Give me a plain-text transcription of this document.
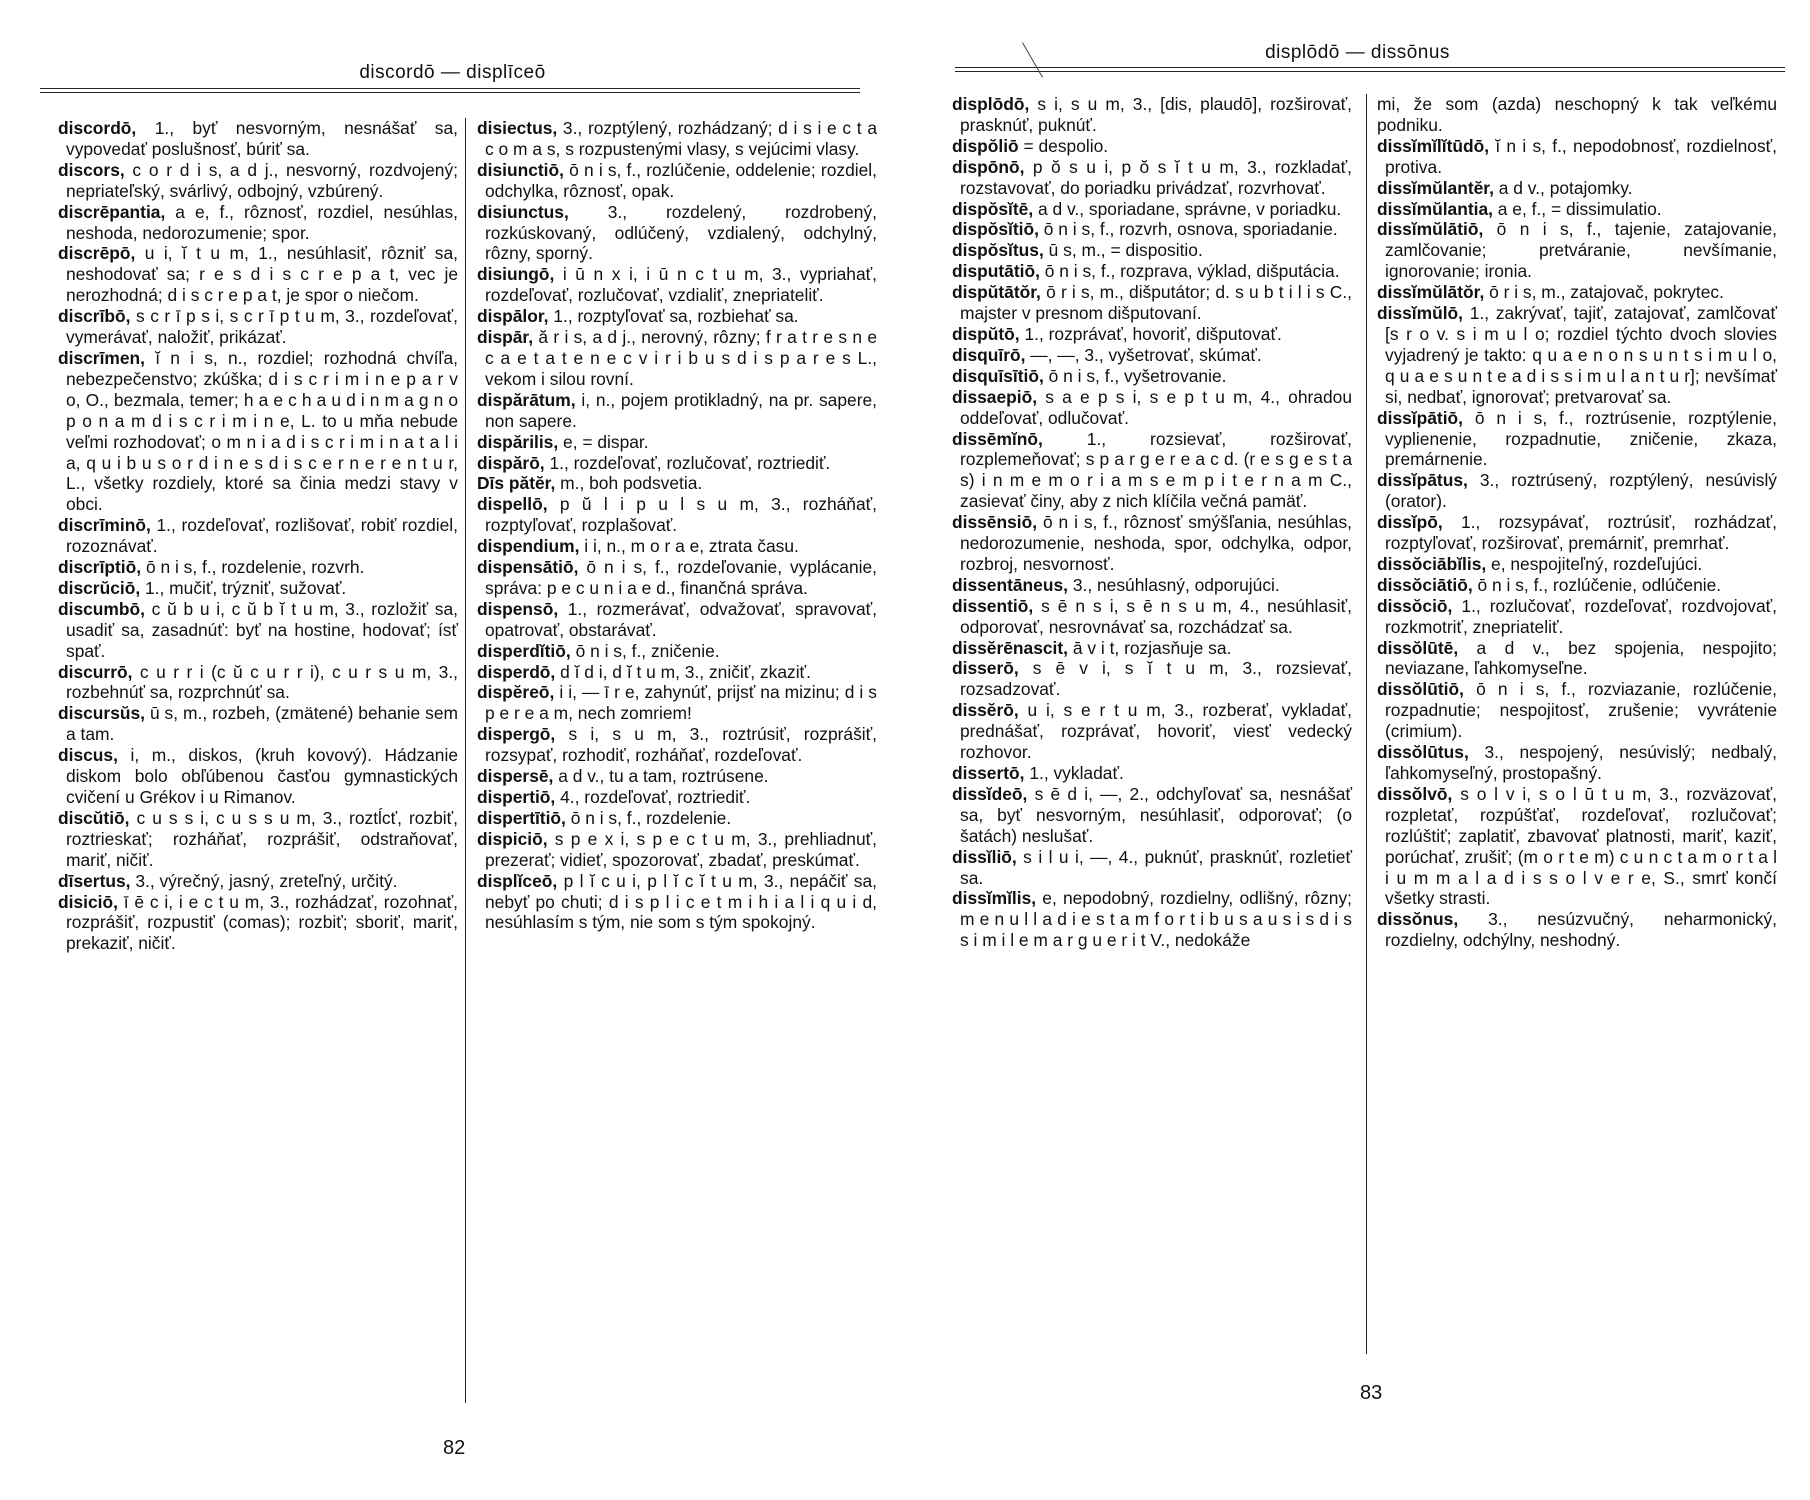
discordō — displīceō
discordō, 1., byť nesvorným, nesnášať sa, vypovedať poslušnosť, búriť sa.
discors, c o r d i s, a d j., nesvorný, rozdvojený; nepriateľský, svárlivý, odbojný, vzbúrený.
discrēpantia, a e, f., rôznosť, rozdiel, nesúhlas, neshoda, nedorozumenie; spor.
discrēpō, u i, ĭ t u m, 1., nesúhlasiť, rôzniť sa, neshodovať sa; r e s d i s c r e p a t, vec je nerozhodná; d i s c r e p a t, je spor o niečom.
discrībō, s c r ī p s i, s c r ī p t u m, 3., rozdeľovať, vymerávať, naložiť, prikázať.
discrīmen, ĭ n i s, n., rozdiel; rozhodná chvíľa, nebezpečenstvo; zkúška; d i s c r i m i n e p a r v o, O., bezmala, temer; h a e c h a u d i n m a g n o p o n a m d i s c r i m i n e, L. to u mňa nebude veľmi rozhodovať; o m n i a d i s c r i m i n a t a l i a, q u i b u s o r d i n e s d i s c e r n e r e n t u r, L., všetky rozdiely, ktoré sa činia medzi stavy v obci.
discrīminō, 1., rozdeľovať, rozlišovať, robiť rozdiel, rozoznávať.
discrīptiō, ō n i s, f., rozdelenie, rozvrh.
discrŭciō, 1., mučiť, trýzniť, sužovať.
discumbō, c ŭ b u i, c ŭ b ĭ t u m, 3., rozložiť sa, usadiť sa, zasadnúť: byť na hostine, hodovať; ísť spať.
discurrō, c u r r i (c ŭ c u r r i), c u r s u m, 3., rozbehnúť sa, rozprchnúť sa.
discursŭs, ū s, m., rozbeh, (zmätené) behanie sem a tam.
discus, i, m., diskos, (kruh kovový). Hádzanie diskom bolo obľúbenou časťou gymnastických cvičení u Grékov i u Rimanov.
discŭtiō, c u s s i, c u s s u m, 3., roztĺcť, rozbiť, roztrieskať; rozháňať, rozprášiť, odstraňovať, mariť, ničiť.
dīsertus, 3., výrečný, jasný, zreteľný, určitý.
disiciō, ī ē c i, i e c t u m, 3., rozhádzať, rozohnať, rozprášiť, rozpustiť (comas); rozbiť; sboriť, mariť, prekaziť, ničiť.
disiectus, 3., rozptýlený, rozhádzaný; d i s i e c t a c o m a s, s rozpustenými vlasy, s vejúcimi vlasy.
disiunctiō, ō n i s, f., rozlúčenie, oddelenie; rozdiel, odchylka, rôznosť, opak.
disiunctus, 3., rozdelený, rozdrobený, rozkúskovaný, odlúčený, vzdialený, odchylný, rôzny, sporný.
disiungō, i ū n x i, i ū n c t u m, 3., vypriahať, rozdeľovať, rozlučovať, vzdialiť, znepriateliť.
dispālor, 1., rozptyľovať sa, rozbiehať sa.
dispār, ă r i s, a d j., nerovný, rôzny; f r a t r e s n e c a e t a t e n e c v i r i b u s d i s p a r e s L., vekom i silou rovní.
dispărātum, i, n., pojem protikladný, na pr. sapere, non sapere.
dispărilis, e, = dispar.
dispărō, 1., rozdeľovať, rozlučovať, roztriediť.
Dīs pătĕr, m., boh podsvetia.
dispellō, p ŭ l i p u l s u m, 3., rozháňať, rozptyľovať, rozplašovať.
dispendium, i i, n., m o r a e, ztrata času.
dispensātiō, ō n i s, f., rozdeľovanie, vyplácanie, správa: p e c u n i a e d., finančná správa.
dispensō, 1., rozmerávať, odvažovať, spravovať, opatrovať, obstarávať.
disperdĭtiō, ō n i s, f., zničenie.
disperdō, d ĭ d i, d ĭ t u m, 3., zničiť, zkaziť.
dispĕreō, i i, — ī r e, zahynúť, prijsť na mizinu; d i s p e r e a m, nech zomriem!
dispergō, s i, s u m, 3., roztrúsiť, rozprášiť, rozsypať, rozhodiť, rozháňať, rozdeľovať.
dispersē, a d v., tu a tam, roztrúsene.
dispertiō, 4., rozdeľovať, roztriediť.
dispertītiō, ō n i s, f., rozdelenie.
dispiciō, s p e x i, s p e c t u m, 3., prehliadnuť, prezerať; vidieť, spozorovať, zbadať, preskúmať.
displĭceō, p l ĭ c u i, p l ĭ c ĭ t u m, 3., nepáčiť sa, nebyť po chuti; d i s p l i c e t m i h i a l i q u i d, nesúhlasím s tým, nie som s tým spokojný.
82
displōdō — dissōnus
displōdō, s i, s u m, 3., [dis, plaudō], rozširovať, prasknúť, puknúť.
dispŏliō = despolio.
dispōnō, p ŏ s u i, p ŏ s ĭ t u m, 3., rozkladať, rozstavovať, do poriadku privádzať, rozvrhovať.
dispŏsĭtē, a d v., sporiadane, správne, v poriadku.
dispŏsĭtiō, ō n i s, f., rozvrh, osnova, sporiadanie.
dispŏsĭtus, ū s, m., = dispositio.
disputātiō, ō n i s, f., rozprava, výklad, dišputácia.
dispŭtātŏr, ō r i s, m., dišputátor; d. s u b t i l i s C., majster v presnom dišputovaní.
dispŭtō, 1., rozprávať, hovoriť, dišputovať.
disquīrō, —, —, 3., vyšetrovať, skúmať.
disquīsītiō, ō n i s, f., vyšetrovanie.
dissaepiō, s a e p s i, s e p t u m, 4., ohradou oddeľovať, odlučovať.
dissēmĭnō, 1., rozsievať, rozširovať, rozplemeňovať; s p a r g e r e a c d. (r e s g e s t a s) i n m e m o r i a m s e m p i t e r n a m C., zasievať činy, aby z nich klíčila večná pamäť.
dissēnsiō, ō n i s, f., rôznosť smýšľania, nesúhlas, nedorozumenie, neshoda, spor, odchylka, odpor, rozbroj, nesvornosť.
dissentāneus, 3., nesúhlasný, odporujúci.
dissentiō, s ē n s i, s ē n s u m, 4., nesúhlasiť, odporovať, nesrovnávať sa, rozchádzať sa.
dissĕrēnascit, ā v i t, rozjasňuje sa.
disserō, s ē v i, s ĭ t u m, 3., rozsievať, rozsadzovať.
dissĕrō, u i, s e r t u m, 3., rozberať, vykladať, prednášať, rozprávať, hovoriť, viesť vedecký rozhovor.
dissertō, 1., vykladať.
dissĭdeō, s ē d i, —, 2., odchyľovať sa, nesnášať sa, byť nesvorným, nesúhlasiť, odporovať; (o šatách) neslušať.
dissĭliō, s i l u i, —, 4., puknúť, prasknúť, rozletieť sa.
dissĭmĭlis, e, nepodobný, rozdielny, odlišný, rôzny; m e n u l l a d i e s t a m f o r t i b u s a u s i s d i s s i m i l e m a r g u e r i t V., nedokáže
mi, že som (azda) neschopný k tak veľkému podniku.
dissĭmĭlĭtūdō, ĭ n i s, f., nepodobnosť, rozdielnosť, protiva.
dissĭmŭlantĕr, a d v., potajomky.
dissĭmŭlantia, a e, f., = dissimulatio.
dissĭmŭlātiō, ō n i s, f., tajenie, zatajovanie, zamlčovanie; pretváranie, nevšímanie, ignorovanie; ironia.
dissĭmŭlātŏr, ō r i s, m., zatajovač, pokrytec.
dissĭmŭlō, 1., zakrývať, tajiť, zatajovať, zamlčovať [s r o v. s i m u l o; rozdiel týchto dvoch slovies vyjadrený je takto: q u a e n o n s u n t s i m u l o, q u a e s u n t e a d i s s i m u l a n t u r]; nevšímať si, nedbať, ignorovať; pretvarovať sa.
dissĭpātiō, ō n i s, f., roztrúsenie, rozptýlenie, vyplienenie, rozpadnutie, zničenie, zkaza, premárnenie.
dissĭpātus, 3., roztrúsený, rozptýlený, nesúvislý (orator).
dissĭpō, 1., rozsypávať, roztrúsiť, rozhádzať, rozptyľovať, rozširovať, premárniť, premrhať.
dissŏciābĭlis, e, nespojiteľný, rozdeľujúci.
dissŏciātiō, ō n i s, f., rozlúčenie, odlúčenie.
dissŏciō, 1., rozlučovať, rozdeľovať, rozdvojovať, rozkmotriť, znepriateliť.
dissŏlūtē, a d v., bez spojenia, nespojito; neviazane, ľahkomyseľne.
dissŏlūtiō, ō n i s, f., rozviazanie, rozlúčenie, rozpadnutie; nespojitosť, zrušenie; vyvrátenie (crimium).
dissŏlūtus, 3., nespojený, nesúvislý; nedbalý, ľahkomyseľný, prostopašný.
dissŏlvō, s o l v i, s o l ū t u m, 3., rozväzovať, rozpletať, rozpúšťať, rozdeľovať, rozlučovať; rozlúštiť; zaplatiť, zbavovať platnosti, mariť, kaziť, porúchať, zrušiť; (m o r t e m) c u n c t a m o r t a l i u m m a l a d i s s o l v e r e, S., smrť končí všetky strasti.
dissŏnus, 3., nesúzvučný, neharmonický, rozdielny, odchýlny, neshodný.
83
